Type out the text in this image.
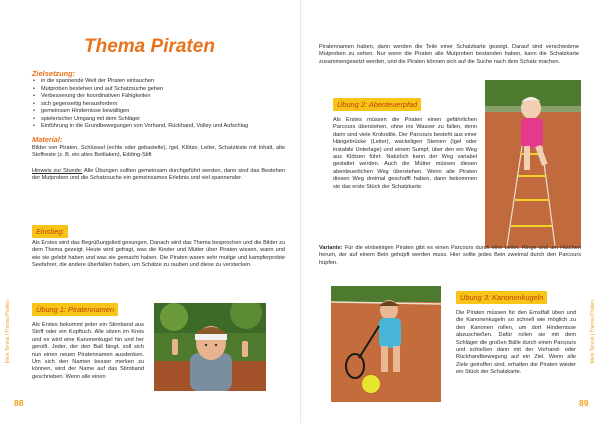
Thema Piraten
Zielsetzung:
• in die spannende Welt der Piraten eintauchen
• Mutproben bestehen und auf Schatzsuche gehen
• Verbesserung der koordinativen Fähigkeiten
• sich gegenseitig herausfordern
• gemeinsam Hindernisse bewältigen
• spielerischer Umgang mit dem Schläger
• Einführung in die Grundbewegungen von Vorhand, Rückhand, Volley und Aufschlag
Material:

Bilder von Piraten, Schlüssel (echte oder gebastelte), Igel, Klötze, Leiter, Schatzkiste mit Inhalt, alte Stoffreste (z. B. ein altes Bettlaken), Edding-Stift

Hinweis zur Stunde: Alle Übungen sollten gemeinsam durchgeführt werden, dann sind das Bestehen der Mutproben und die Schatzsuche ein gemeinsames Erlebnis und viel spannender.

Einstieg:

Als Erstes wird das Begrüßungslied gesungen. Danach wird das Thema besprochen und die Bilder zu dem Thema gezeigt. Heute wird gefragt, was die Kinder und Mütter über Piraten wissen, wann und wie sie gelebt haben und was sie gemacht haben. Die Piraten waren sehr mutige und kampferprobte Seefahrer, die andere überfallen haben, um Schätze zu rauben und diese zu verstecken.

Übung 1: Piratennamen

Als Erstes bekommt jeder ein Stirnband aus Stoff oder ein Kopftuch. Alle sitzen im Kreis und es wird eine Kanonenkugel hin und her gerollt. Jeder, der den Ball fängt, soll sich nun einen neuen Piratennamen ausdenken. Um sich den Namen besser merken zu können, wird der Name auf das Stirnband geschrieben. Wenn alle einen

Mein Tennis | Thema Piraten
88

Piratennamen haben, dann werden die Teile einer Schatzkarte gezeigt. Darauf sind verschiedene Mutproben zu sehen. Nur wenn die Piraten alle Mutproben bestanden haben, kann die Schatzkarte zusammengesetzt werden, und die Piraten können sich auf die Suche nach dem Schatz machen.

Übung 2: Abenteuerpfad

Als Erstes müssen die Piraten einen gefährlichen Parcours überstehen, ohne ins Wasser zu fallen, denn darin sind viele Krokodile. Der Parcours besteht aus einer Hängebrücke (Leiter), wackeligen Steinen (Igel oder instabile Unterlage) und einem Sumpf, über den ein Weg aus Klötzen führt. Natürlich kann der Weg variabel gestaltet werden. Auch die Mütter müssen diesen abenteuerlichen Weg überstehen. Wenn alle Piraten diesen Weg dreimal geschafft haben, dann bekommen sie das erste Stück der Schatzkarte.

Variante: Für die einbeinigen Piraten gibt es einen Parcours durch eine Leiter, Ringe und um Hütchen herum, der auf einem Bein gehüpft werden muss. Hier sollte jedes Bein zweimal durch den Parcours hüpfen.

Übung 3: Kanonenkugeln

Die Piraten müssen für den Ernstfall üben und die Kanonenkugeln so schnell wie möglich zu den Kanonen rollen, um dort Hindernisse abzuschießen. Dafür rollen sie mit dem Schläger die großen Bälle durch einen Parcours und schießen dann mit der Vorhand- oder Rückhandbewegung auf ein Ziel. Wenn alle Ziele getroffen sind, erhalten die Piraten wieder ein Stück der Schatzkarte.

Mein Tennis | Thema Piraten
89
